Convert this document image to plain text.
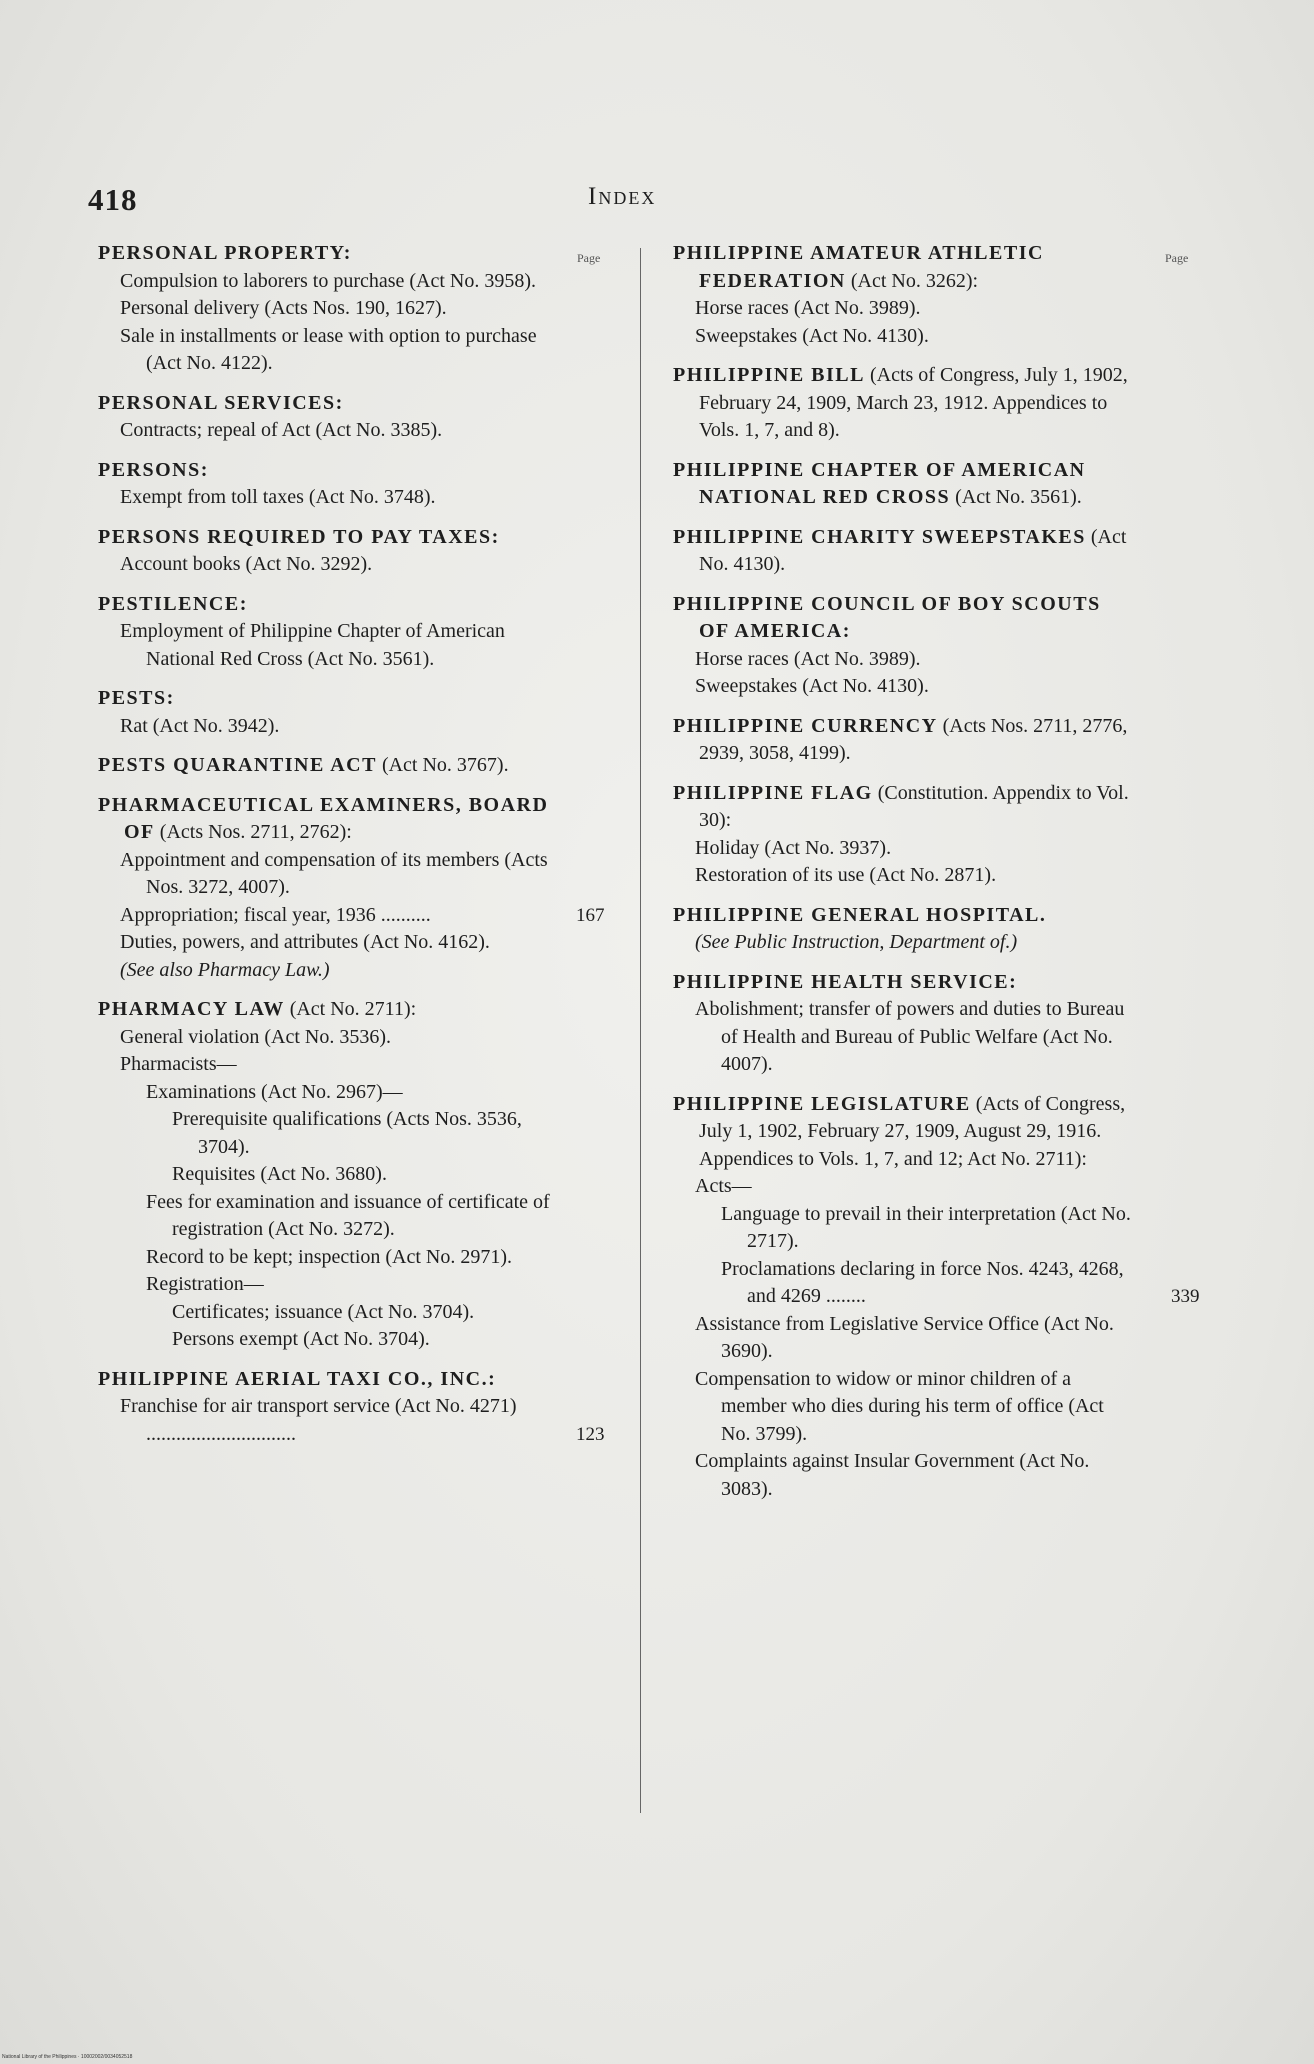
418	Index
Page	Page
PERSONAL PROPERTY:
Compulsion to laborers to purchase (Act No. 3958).
Personal delivery (Acts Nos. 190, 1627).
Sale in installments or lease with option to purchase (Act No. 4122).
PERSONAL SERVICES:
Contracts; repeal of Act (Act No. 3385).
PERSONS:
Exempt from toll taxes (Act No. 3748).
PERSONS REQUIRED TO PAY TAXES:
Account books (Act No. 3292).
PESTILENCE:
Employment of Philippine Chapter of American National Red Cross (Act No. 3561).
PESTS:
Rat (Act No. 3942).
PESTS QUARANTINE ACT (Act No. 3767).
PHARMACEUTICAL EXAMINERS, BOARD OF (Acts Nos. 2711, 2762):
Appointment and compensation of its members (Acts Nos. 3272, 4007).
Appropriation; fiscal year, 1936 ..........	167
Duties, powers, and attributes (Act No. 4162).
(See also Pharmacy Law.)
PHARMACY LAW (Act No. 2711):
General violation (Act No. 3536).
Pharmacists—
Examinations (Act No. 2967)—
Prerequisite qualifications (Acts Nos. 3536, 3704).
Requisites (Act No. 3680).
Fees for examination and issuance of certificate of registration (Act No. 3272).
Record to be kept; inspection (Act No. 2971).
Registration—
Certificates; issuance (Act No. 3704).
Persons exempt (Act No. 3704).
PHILIPPINE AERIAL TAXI CO., INC.:
Franchise for air transport service (Act No. 4271) ..............................	123
PHILIPPINE AMATEUR ATHLETIC FEDERATION (Act No. 3262):
Horse races (Act No. 3989).
Sweepstakes (Act No. 4130).
PHILIPPINE BILL (Acts of Congress, July 1, 1902, February 24, 1909, March 23, 1912. Appendices to Vols. 1, 7, and 8).
PHILIPPINE CHAPTER OF AMERICAN NATIONAL RED CROSS (Act No. 3561).
PHILIPPINE CHARITY SWEEPSTAKES (Act No. 4130).
PHILIPPINE COUNCIL OF BOY SCOUTS OF AMERICA:
Horse races (Act No. 3989).
Sweepstakes (Act No. 4130).
PHILIPPINE CURRENCY (Acts Nos. 2711, 2776, 2939, 3058, 4199).
PHILIPPINE FLAG (Constitution. Appendix to Vol. 30):
Holiday (Act No. 3937).
Restoration of its use (Act No. 2871).
PHILIPPINE GENERAL HOSPITAL.
(See Public Instruction, Department of.)
PHILIPPINE HEALTH SERVICE:
Abolishment; transfer of powers and duties to Bureau of Health and Bureau of Public Welfare (Act No. 4007).
PHILIPPINE LEGISLATURE (Acts of Congress, July 1, 1902, February 27, 1909, August 29, 1916. Appendices to Vols. 1, 7, and 12; Act No. 2711):
Acts—
Language to prevail in their interpretation (Act No. 2717).
Proclamations declaring in force Nos. 4243, 4268, and 4269 ........	339
Assistance from Legislative Service Office (Act No. 3690).
Compensation to widow or minor children of a member who dies during his term of office (Act No. 3799).
Complaints against Insular Government (Act No. 3083).
National Library of the Philippines · 10002002/0034052518
